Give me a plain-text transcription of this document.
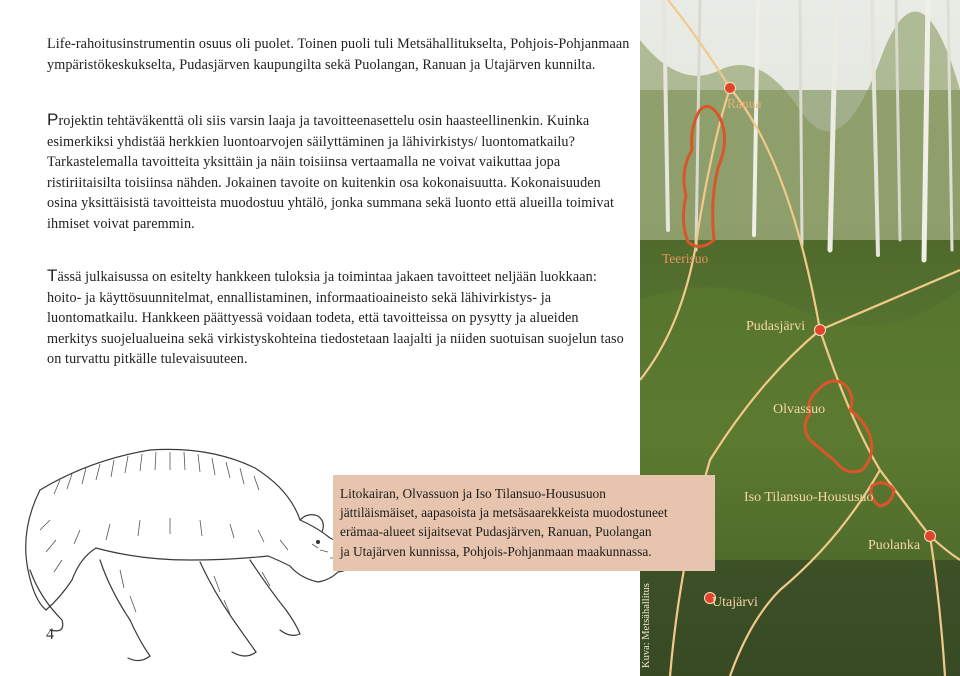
Life-rahoitusinstrumentin osuus oli puolet. Toinen puoli tuli Metsähallitukselta, Pohjois-Pohjanmaan ympäristökeskukselta, Pudasjärven kaupungilta sekä Puolangan, Ranuan ja Utajärven kunnilta.

Projektin tehtäväkenttä oli siis varsin laaja ja tavoitteenasettelu osin haasteellinenkin. Kuinka esimerkiksi yhdistää herkkien luontoarvojen säilyttäminen ja lähivirkistys/ luontomatkailu?Tarkastelemalla tavoitteita yksittäin ja näin toisiinsa vertaamalla ne voivat vaikuttaa jopa ristiriitaisilta toisiinsa nähden. Jokainen tavoite on kuitenkin osa kokonaisuutta. Kokonaisuuden osina yksittäisistä tavoitteista muodostuu yhtälö, jonka summana sekä luonto että alueilla toimivat ihmiset voivat paremmin.

Tässä julkaisussa on esitelty hankkeen tuloksia ja toimintaa jakaen tavoitteet neljään luokkaan: hoito- ja käyttösuunnitelmat, ennallistaminen, informaatioaineisto sekä lähivirkistys- ja luontomatkailu. Hankkeen päättyessä voidaan todeta, että tavoitteissa on pysytty ja alueiden merkitys suojelualueina sekä virkistyskohteina tiedostetaan laajalti ja niiden suotuisan suojelun taso on turvattu pitkälle tulevaisuuteen.

Ranua
Teerisuo
Pudasjärvi
Olvassuo
Iso Tilansuo-Housusuo
Puolanka
Utajärvi
Kuva: Metsähallitus

Litokairan, Olvassuon ja Iso Tilansuo-Housusuon

jättiläismäiset, aapasoista ja metsäsaarekkeista muodostuneet

erämaa-alueet sijaitsevat Pudasjärven, Ranuan, Puolangan

ja Utajärven kunnissa, Pohjois-Pohjanmaan maakunnassa.

4
